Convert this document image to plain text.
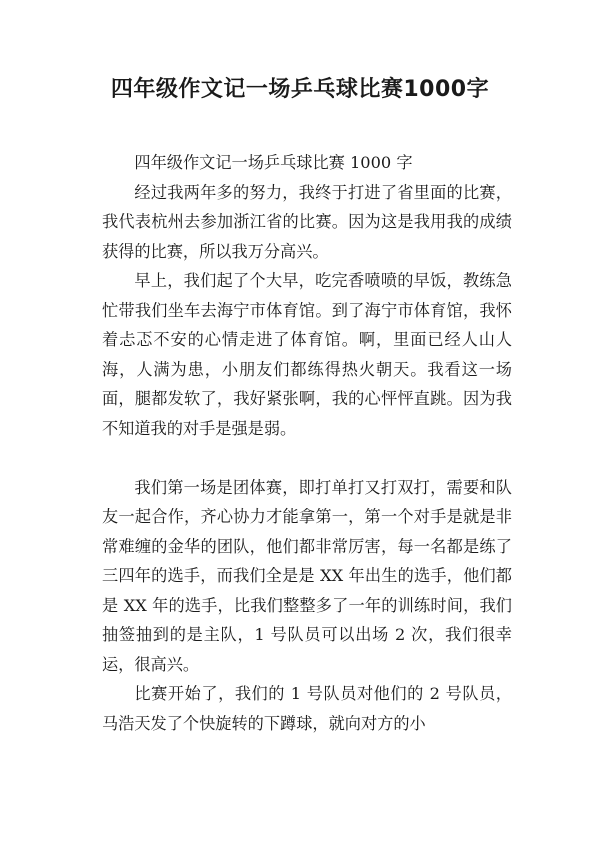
四年级作文记一场乒乓球比赛1000字

四年级作文记一场乒乓球比赛 1000 字

经过我两年多的努力，我终于打进了省里面的比赛，我代表杭州去参加浙江省的比赛。因为这是我用我的成绩获得的比赛，所以我万分高兴。

早上，我们起了个大早，吃完香喷喷的早饭，教练急忙带我们坐车去海宁市体育馆。到了海宁市体育馆，我怀着忐忑不安的心情走进了体育馆。啊，里面已经人山人海，人满为患，小朋友们都练得热火朝天。我看这一场面，腿都发软了，我好紧张啊，我的心怦怦直跳。因为我不知道我的对手是强是弱。

我们第一场是团体赛，即打单打又打双打，需要和队友一起合作，齐心协力才能拿第一，第一个对手是就是非常难缠的金华的团队，他们都非常厉害，每一名都是练了三四年的选手，而我们全是是 XX 年出生的选手，他们都是 XX 年的选手，比我们整整多了一年的训练时间，我们抽签抽到的是主队，1 号队员可以出场 2 次，我们很幸运，很高兴。

比赛开始了，我们的 1 号队员对他们的 2 号队员，马浩天发了个快旋转的下蹲球，就向对方的小
